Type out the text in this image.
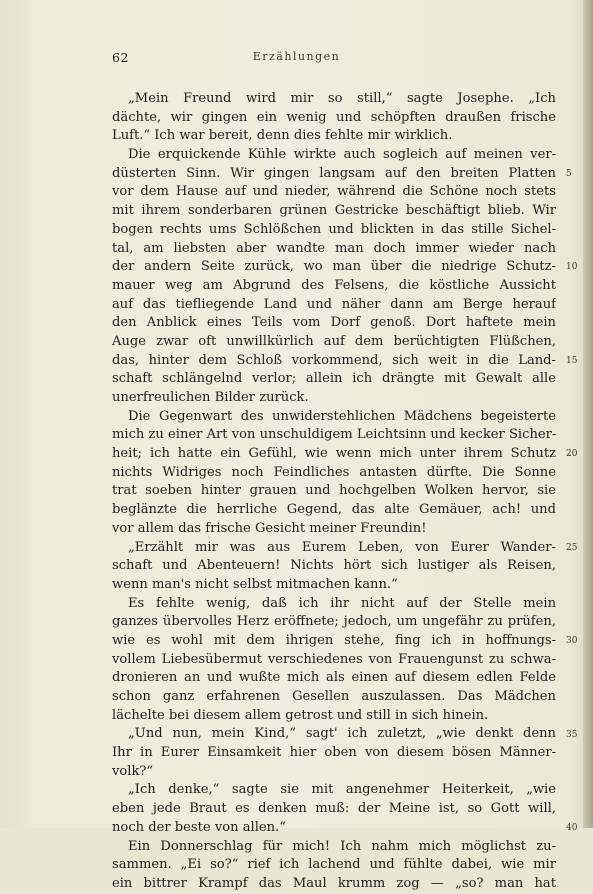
62	Erzählungen
„Mein Freund wird mir so still,“ sagte Josephe. „Ich
dächte, wir gingen ein wenig und schöpften draußen frische
Luft.“ Ich war bereit, denn dies fehlte mir wirklich.
Die erquickende Kühle wirkte auch sogleich auf meinen ver-
düsterten Sinn. Wir gingen langsam auf den breiten Platten
vor dem Hause auf und nieder, während die Schöne noch stets
mit ihrem sonderbaren grünen Gestricke beschäftigt blieb. Wir
bogen rechts ums Schlößchen und blickten in das stille Sichel-
tal, am liebsten aber wandte man doch immer wieder nach
der andern Seite zurück, wo man über die niedrige Schutz-
mauer weg am Abgrund des Felsens, die köstliche Aussicht
auf das tiefliegende Land und näher dann am Berge herauf
den Anblick eines Teils vom Dorf genoß. Dort haftete mein
Auge zwar oft unwillkürlich auf dem berüchtigten Flüßchen,
das, hinter dem Schloß vorkommend, sich weit in die Land-
schaft schlängelnd verlor; allein ich drängte mit Gewalt alle
unerfreulichen Bilder zurück.
Die Gegenwart des unwiderstehlichen Mädchens begeisterte
mich zu einer Art von unschuldigem Leichtsinn und kecker Sicher-
heit; ich hatte ein Gefühl, wie wenn mich unter ihrem Schutz
nichts Widriges noch Feindliches antasten dürfte. Die Sonne
trat soeben hinter grauen und hochgelben Wolken hervor, sie
beglänzte die herrliche Gegend, das alte Gemäuer, ach! und
vor allem das frische Gesicht meiner Freundin!
„Erzählt mir was aus Eurem Leben, von Eurer Wander-
schaft und Abenteuern! Nichts hört sich lustiger als Reisen,
wenn man's nicht selbst mitmachen kann.“
Es fehlte wenig, daß ich ihr nicht auf der Stelle mein
ganzes übervolles Herz eröffnete; jedoch, um ungefähr zu prüfen,
wie es wohl mit dem ihrigen stehe, fing ich in hoffnungs-
vollem Liebesübermut verschiedenes von Frauengunst zu schwa-
dronieren an und wußte mich als einen auf diesem edlen Felde
schon ganz erfahrenen Gesellen auszulassen. Das Mädchen
lächelte bei diesem allem getrost und still in sich hinein.
„Und nun, mein Kind,“ sagt' ich zuletzt, „wie denkt denn
Ihr in Eurer Einsamkeit hier oben von diesem bösen Männer-
volk?“
„Ich denke,“ sagte sie mit angenehmer Heiterkeit, „wie
eben jede Braut es denken muß: der Meine ist, so Gott will,
noch der beste von allen.“
Ein Donnerschlag für mich! Ich nahm mich möglichst zu-
sammen. „Ei so?“ rief ich lachend und fühlte dabei, wie mir
ein bittrer Krampf das Maul krumm zog — „so? man hat
5
10
15
20
25
30
35
40
